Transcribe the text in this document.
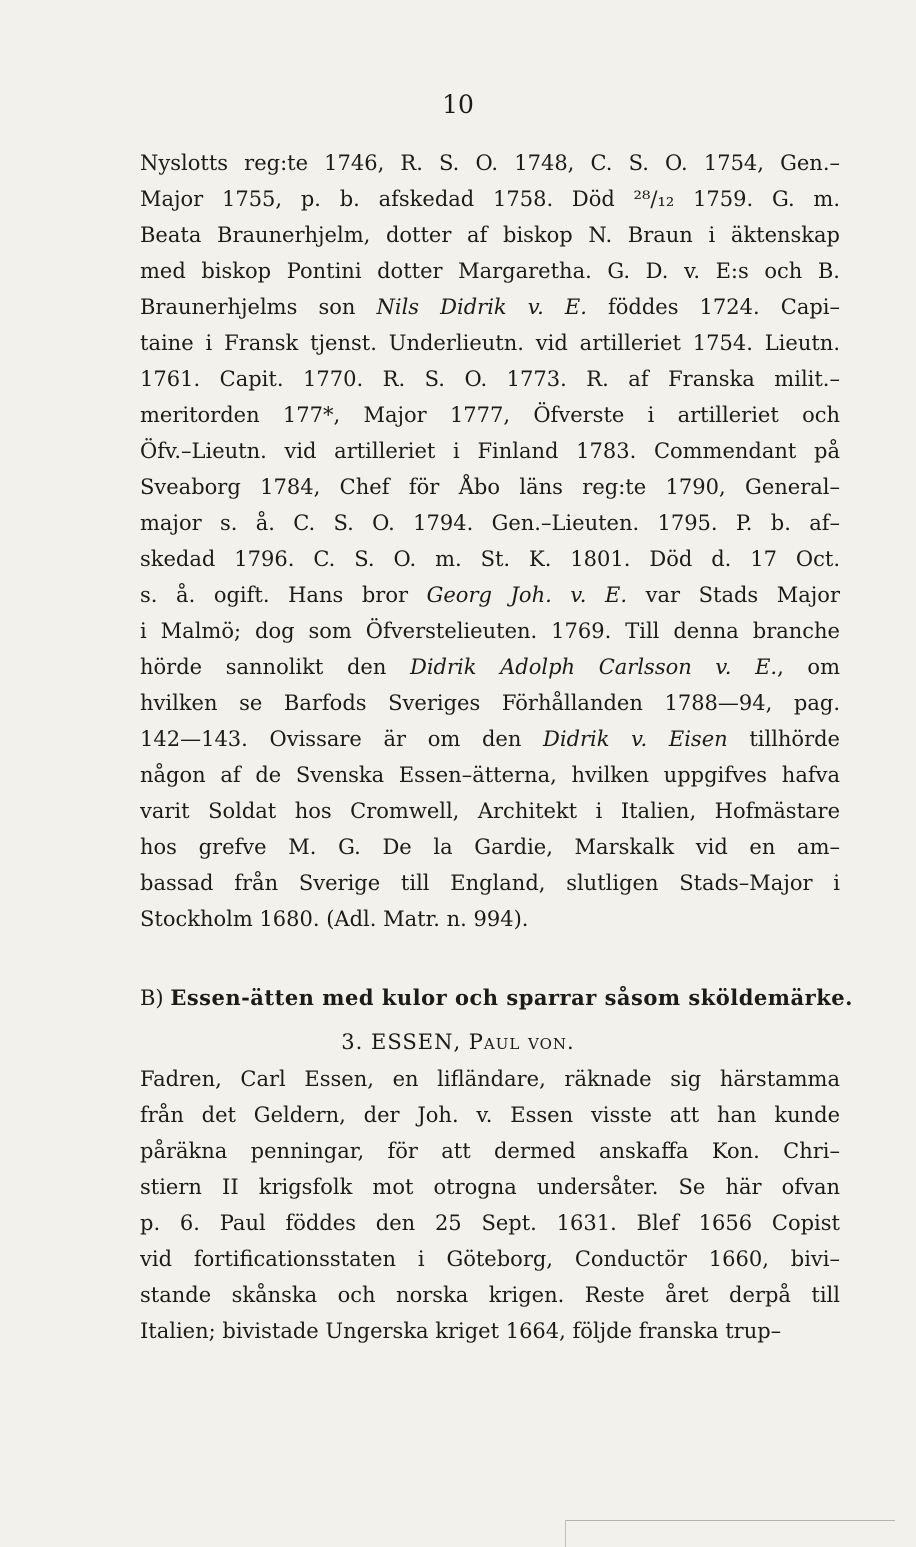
10
Nyslotts reg:te 1746, R. S. O. 1748, C. S. O. 1754, Gen.–
Major 1755, p. b. afskedad 1758. Död ²⁸/₁₂ 1759. G. m.
Beata Braunerhjelm, dotter af biskop N. Braun i äktenskap
med biskop Pontini dotter Margaretha. G. D. v. E:s och B.
Braunerhjelms son Nils Didrik v. E. föddes 1724. Capi–
taine i Fransk tjenst. Underlieutn. vid artilleriet 1754. Lieutn.
1761. Capit. 1770. R. S. O. 1773. R. af Franska milit.–
meritorden 177*, Major 1777, Öfverste i artilleriet och
Öfv.–Lieutn. vid artilleriet i Finland 1783. Commendant på
Sveaborg 1784, Chef för Åbo läns reg:te 1790, General–
major s. å. C. S. O. 1794. Gen.–Lieuten. 1795. P. b. af–
skedad 1796. C. S. O. m. St. K. 1801. Död d. 17 Oct.
s. å. ogift. Hans bror Georg Joh. v. E. var Stads Major
i Malmö; dog som Öfverstelieuten. 1769. Till denna branche
hörde sannolikt den Didrik Adolph Carlsson v. E., om
hvilken se Barfods Sveriges Förhållanden 1788—94, pag.
142—143. Ovissare är om den Didrik v. Eisen tillhörde
någon af de Svenska Essen–ätterna, hvilken uppgifves hafva
varit Soldat hos Cromwell, Architekt i Italien, Hofmästare
hos grefve M. G. De la Gardie, Marskalk vid en am–
bassad från Sverige till England, slutligen Stads–Major i
Stockholm 1680. (Adl. Matr. n. 994).
B) Essen-ätten med kulor och sparrar såsom sköldemärke.
3. ESSEN, Paul von.
Fadren, Carl Essen, en lifländare, räknade sig härstamma
från det Geldern, der Joh. v. Essen visste att han kunde
påräkna penningar, för att dermed anskaffa Kon. Chri–
stiern II krigsfolk mot otrogna undersåter. Se här ofvan
p. 6. Paul föddes den 25 Sept. 1631. Blef 1656 Copist
vid fortificationsstaten i Göteborg, Conductör 1660, bivi–
stande skånska och norska krigen. Reste året derpå till
Italien; bivistade Ungerska kriget 1664, följde franska trup–
